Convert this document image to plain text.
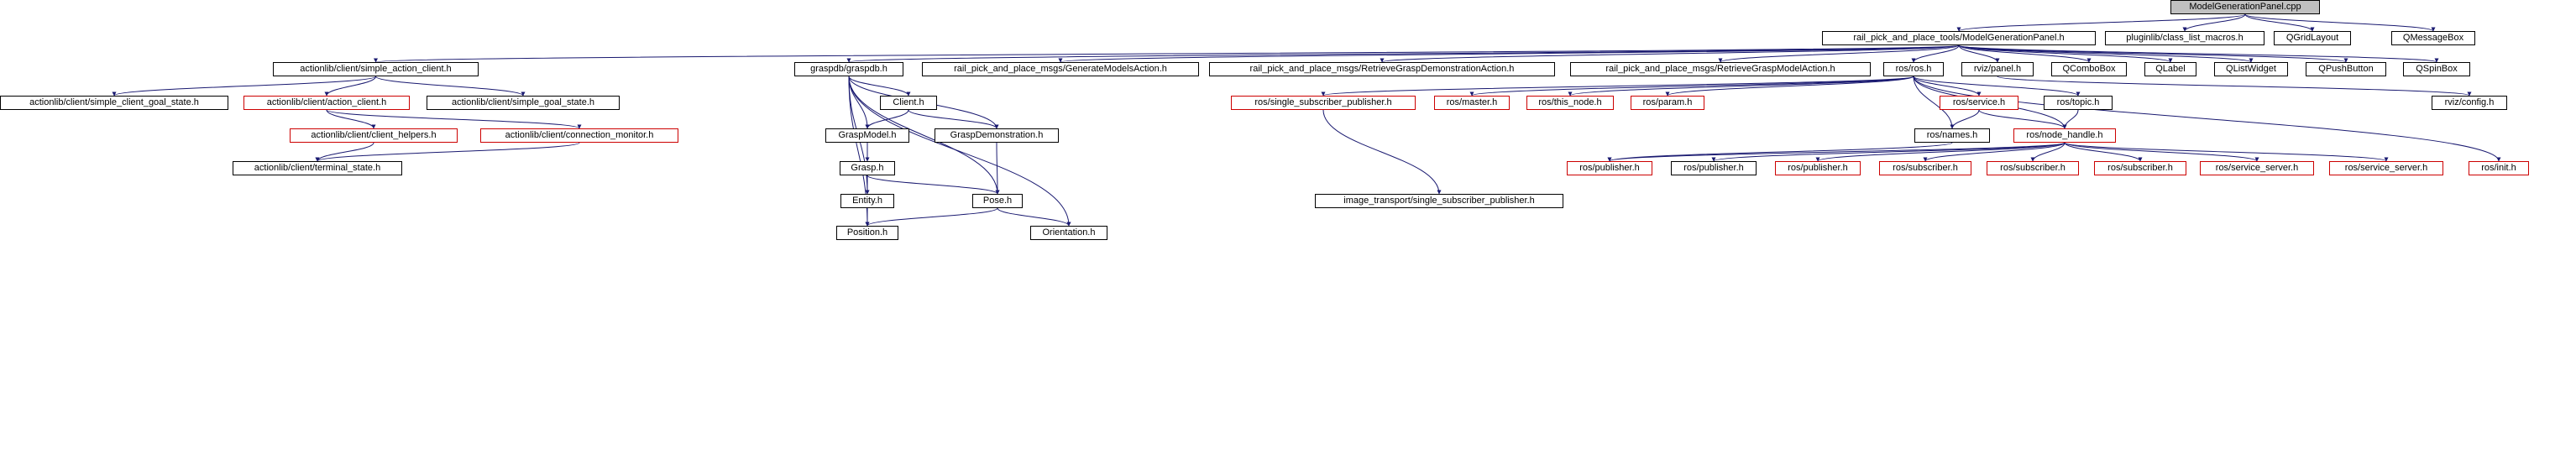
ModelGenerationPanel.cpp
rail_pick_and_place_tools/ModelGenerationPanel.h	pluginlib/class_list_macros.h	QGridLayout	QMessageBox
actionlib/client/simple_action_client.h	graspdb/graspdb.h	rail_pick_and_place_msgs/GenerateModelsAction.h	rail_pick_and_place_msgs/RetrieveGraspDemonstrationAction.h	rail_pick_and_place_msgs/RetrieveGraspModelAction.h	ros/ros.h	rviz/panel.h	QComboBox	QLabel	QListWidget	QPushButton	QSpinBox
actionlib/client/simple_client_goal_state.h	actionlib/client/action_client.h	actionlib/client/simple_goal_state.h	Client.h	ros/single_subscriber_publisher.h	ros/master.h	ros/this_node.h	ros/param.h	ros/service.h	ros/topic.h	rviz/config.h
actionlib/client/client_helpers.h	actionlib/client/connection_monitor.h	GraspModel.h	GraspDemonstration.h	ros/names.h	ros/node_handle.h
actionlib/client/terminal_state.h	Grasp.h	ros/publisher.h	ros/publisher.h	ros/publisher.h	ros/subscriber.h	ros/subscriber.h	ros/subscriber.h	ros/service_server.h	ros/service_server.h	ros/init.h
Entity.h	Pose.h	image_transport/single_subscriber_publisher.h
Position.h	Orientation.h
